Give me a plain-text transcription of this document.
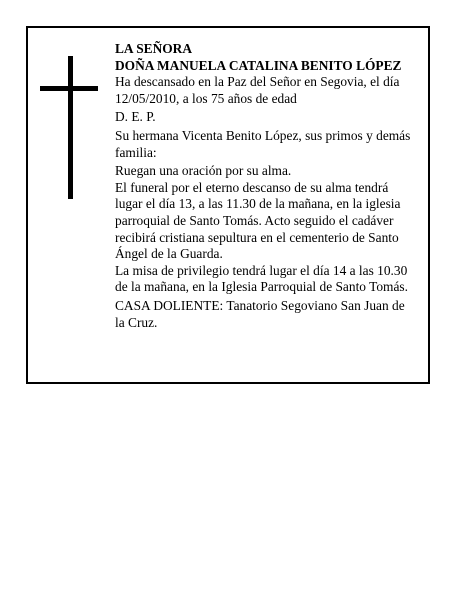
LA SEÑORA

DOÑA MANUELA CATALINA BENITO LÓPEZ

Ha descansado en la Paz del Señor en Segovia, el día 12/05/2010, a los 75 años de edad

D. E. P.

Su hermana Vicenta Benito López, sus primos y demás familia:

Ruegan una oración por su alma.

El funeral por el eterno descanso de su alma tendrá lugar el día 13, a las 11.30 de la mañana, en la iglesia parroquial de Santo Tomás. Acto seguido el cadáver recibirá cristiana sepultura en el cementerio de Santo Ángel de la Guarda.

La misa de privilegio tendrá lugar el día 14 a las 10.30 de la mañana, en la Iglesia Parroquial de Santo Tomás.

CASA DOLIENTE: Tanatorio Segoviano San Juan de la Cruz.
